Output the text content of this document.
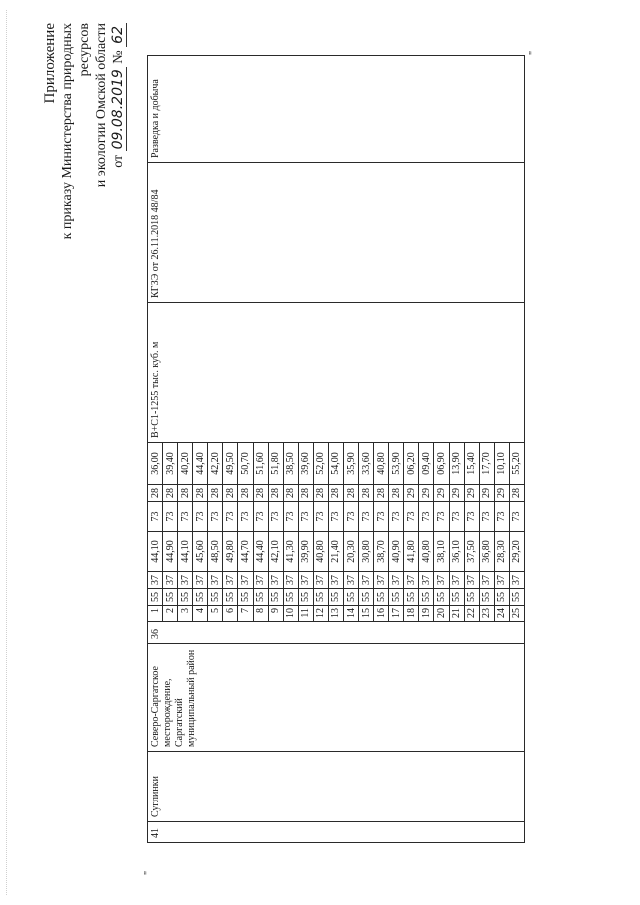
Приложение к приказу Министерства природных ресурсов и экологии Омской области от 09.08.2019 № 62
"
"
41	Суглинки	Северо-Саргатское месторождение, Саргатский муниципальный район	36	1	55	37	44,10	73	28	36,00	В+С1-1255 тыс. куб. м	КГЗЭ от 26.11.2018 48/84	Разведка и добыча
				2	55	37	44,90	73	28	39,40			
				3	55	37	44,10	73	28	40,20			
				4	55	37	45,60	73	28	44,40			
				5	55	37	48,50	73	28	42,20			
				6	55	37	49,80	73	28	49,50			
				7	55	37	44,70	73	28	50,70			
				8	55	37	44,40	73	28	51,60			
				9	55	37	42,10	73	28	51,80			
				10	55	37	41,30	73	28	38,50			
				11	55	37	39,90	73	28	39,60			
				12	55	37	40,80	73	28	52,00			
				13	55	37	21,40	73	28	54,00			
				14	55	37	20,30	73	28	35,90			
				15	55	37	30,80	73	28	33,60			
				16	55	37	38,70	73	28	40,80			
				17	55	37	40,90	73	28	53,90			
				18	55	37	41,80	73	29	06,20			
				19	55	37	40,80	73	29	09,40			
				20	55	37	38,10	73	29	06,90			
				21	55	37	36,10	73	29	13,90			
				22	55	37	37,50	73	29	15,40			
				23	55	37	36,80	73	29	17,70			
				24	55	37	28,30	73	29	10,10			
				25	55	37	29,20	73	28	55,20			
